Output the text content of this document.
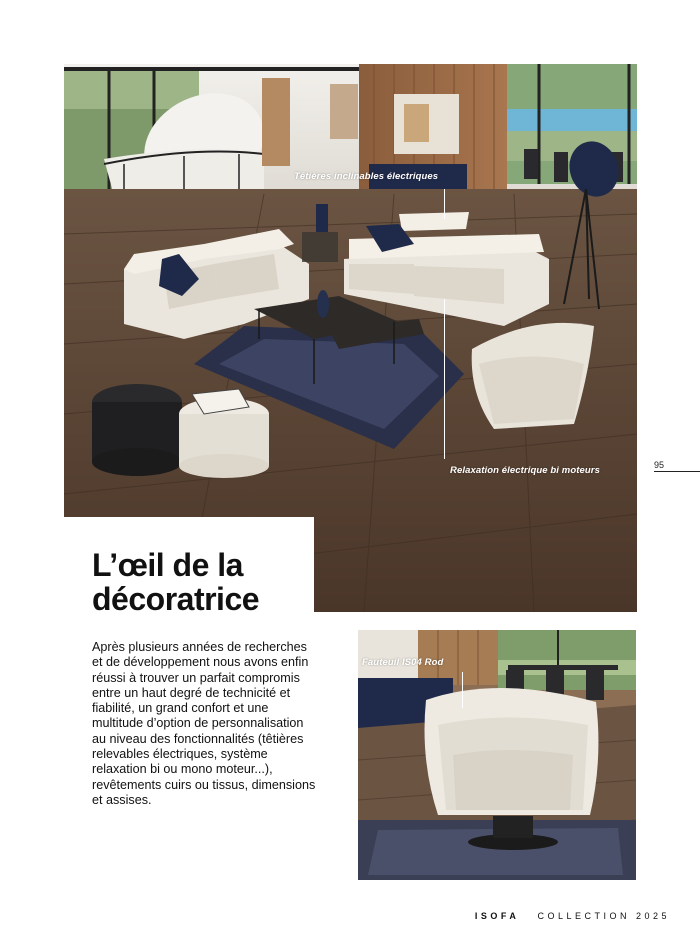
Têtières inclinables électriques
Relaxation électrique bi moteurs	95
L’œil de la décoratrice

Après plusieurs années de recherches et de développement nous avons enfin réussi à trouver un parfait compromis entre un haut degré de technicité et fiabilité, un grand confort et une multitude d’option de personnalisation au niveau des fonctionnalités (têtières relevables électriques, système relaxation bi ou mono moteur...), revêtements cuirs ou tissus, dimensions et assises.

Fauteuil IS04 Rod
ISOFA COLLECTION 2025
